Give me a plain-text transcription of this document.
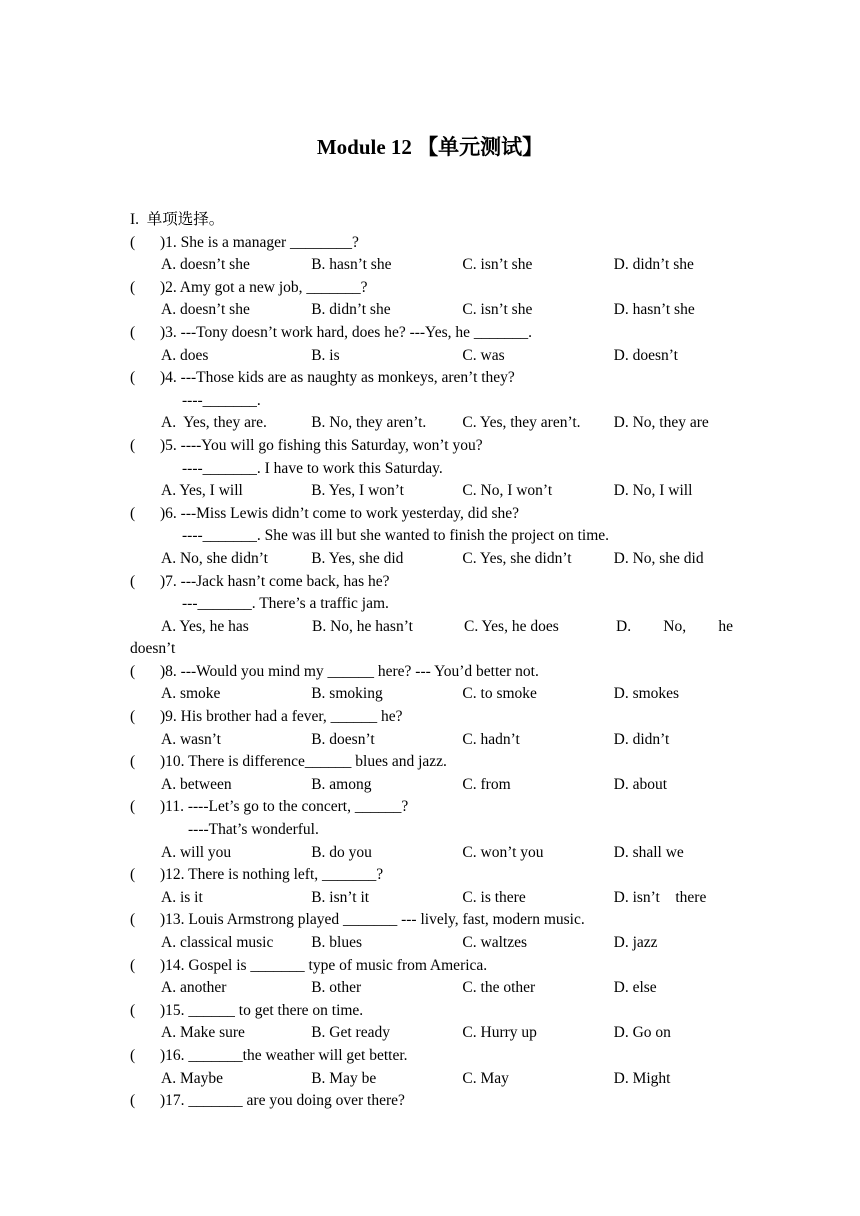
Module 12 【单元测试】
I.  单项选择。
(	)1. She is a manager ________?
A. doesn’t she	B. hasn’t she	C. isn’t she	D. didn’t she
(	)2. Amy got a new job, _______?
A. doesn’t she	B. didn’t she	C. isn’t she	D. hasn’t she
(	)3. ---Tony doesn’t work hard, does he? ---Yes, he _______.
A. does	B. is	C. was	D. doesn’t
(	)4. ---Those kids are as naughty as monkeys, aren’t they?
----_______.
A.  Yes, they are.	B. No, they aren’t.	C. Yes, they aren’t.	D. No, they are
(	)5. ----You will go fishing this Saturday, won’t you?
----_______. I have to work this Saturday.
A. Yes, I will	B. Yes, I won’t	C. No, I won’t	D. No, I will
(	)6. ---Miss Lewis didn’t come to work yesterday, did she?
----_______. She was ill but she wanted to finish the project on time.
A. No, she didn’t	B. Yes, she did	C. Yes, she didn’t	D. No, she did
(	)7. ---Jack hasn’t come back, has he?
---_______. There’s a traffic jam.
A. Yes, he has	B. No, he hasn’t	C. Yes, he does	D. No, he
doesn’t
(	)8. ---Would you mind my ______ here? --- You’d better not.
A. smoke	B. smoking	C. to smoke	D. smokes
(	)9. His brother had a fever, ______ he?
A. wasn’t	B. doesn’t	C. hadn’t	D. didn’t
(	)10. There is difference______ blues and jazz.
A. between	B. among	C. from	D. about
(	)11. ----Let’s go to the concert, ______?
----That’s wonderful.
A. will you	B. do you	C. won’t you	D. shall we
(	)12. There is nothing left, _______?
A. is it	B. isn’t it	C. is there	D. isn’t    there
(	)13. Louis Armstrong played _______ --- lively, fast, modern music.
A. classical music	B. blues	C. waltzes	D. jazz
(	)14. Gospel is _______ type of music from America.
A. another	B. other	C. the other	D. else
(	)15. ______ to get there on time.
A. Make sure	B. Get ready	C. Hurry up	D. Go on
(	)16. _______the weather will get better.
A. Maybe	B. May be	C. May	D. Might
(	)17. _______ are you doing over there?
